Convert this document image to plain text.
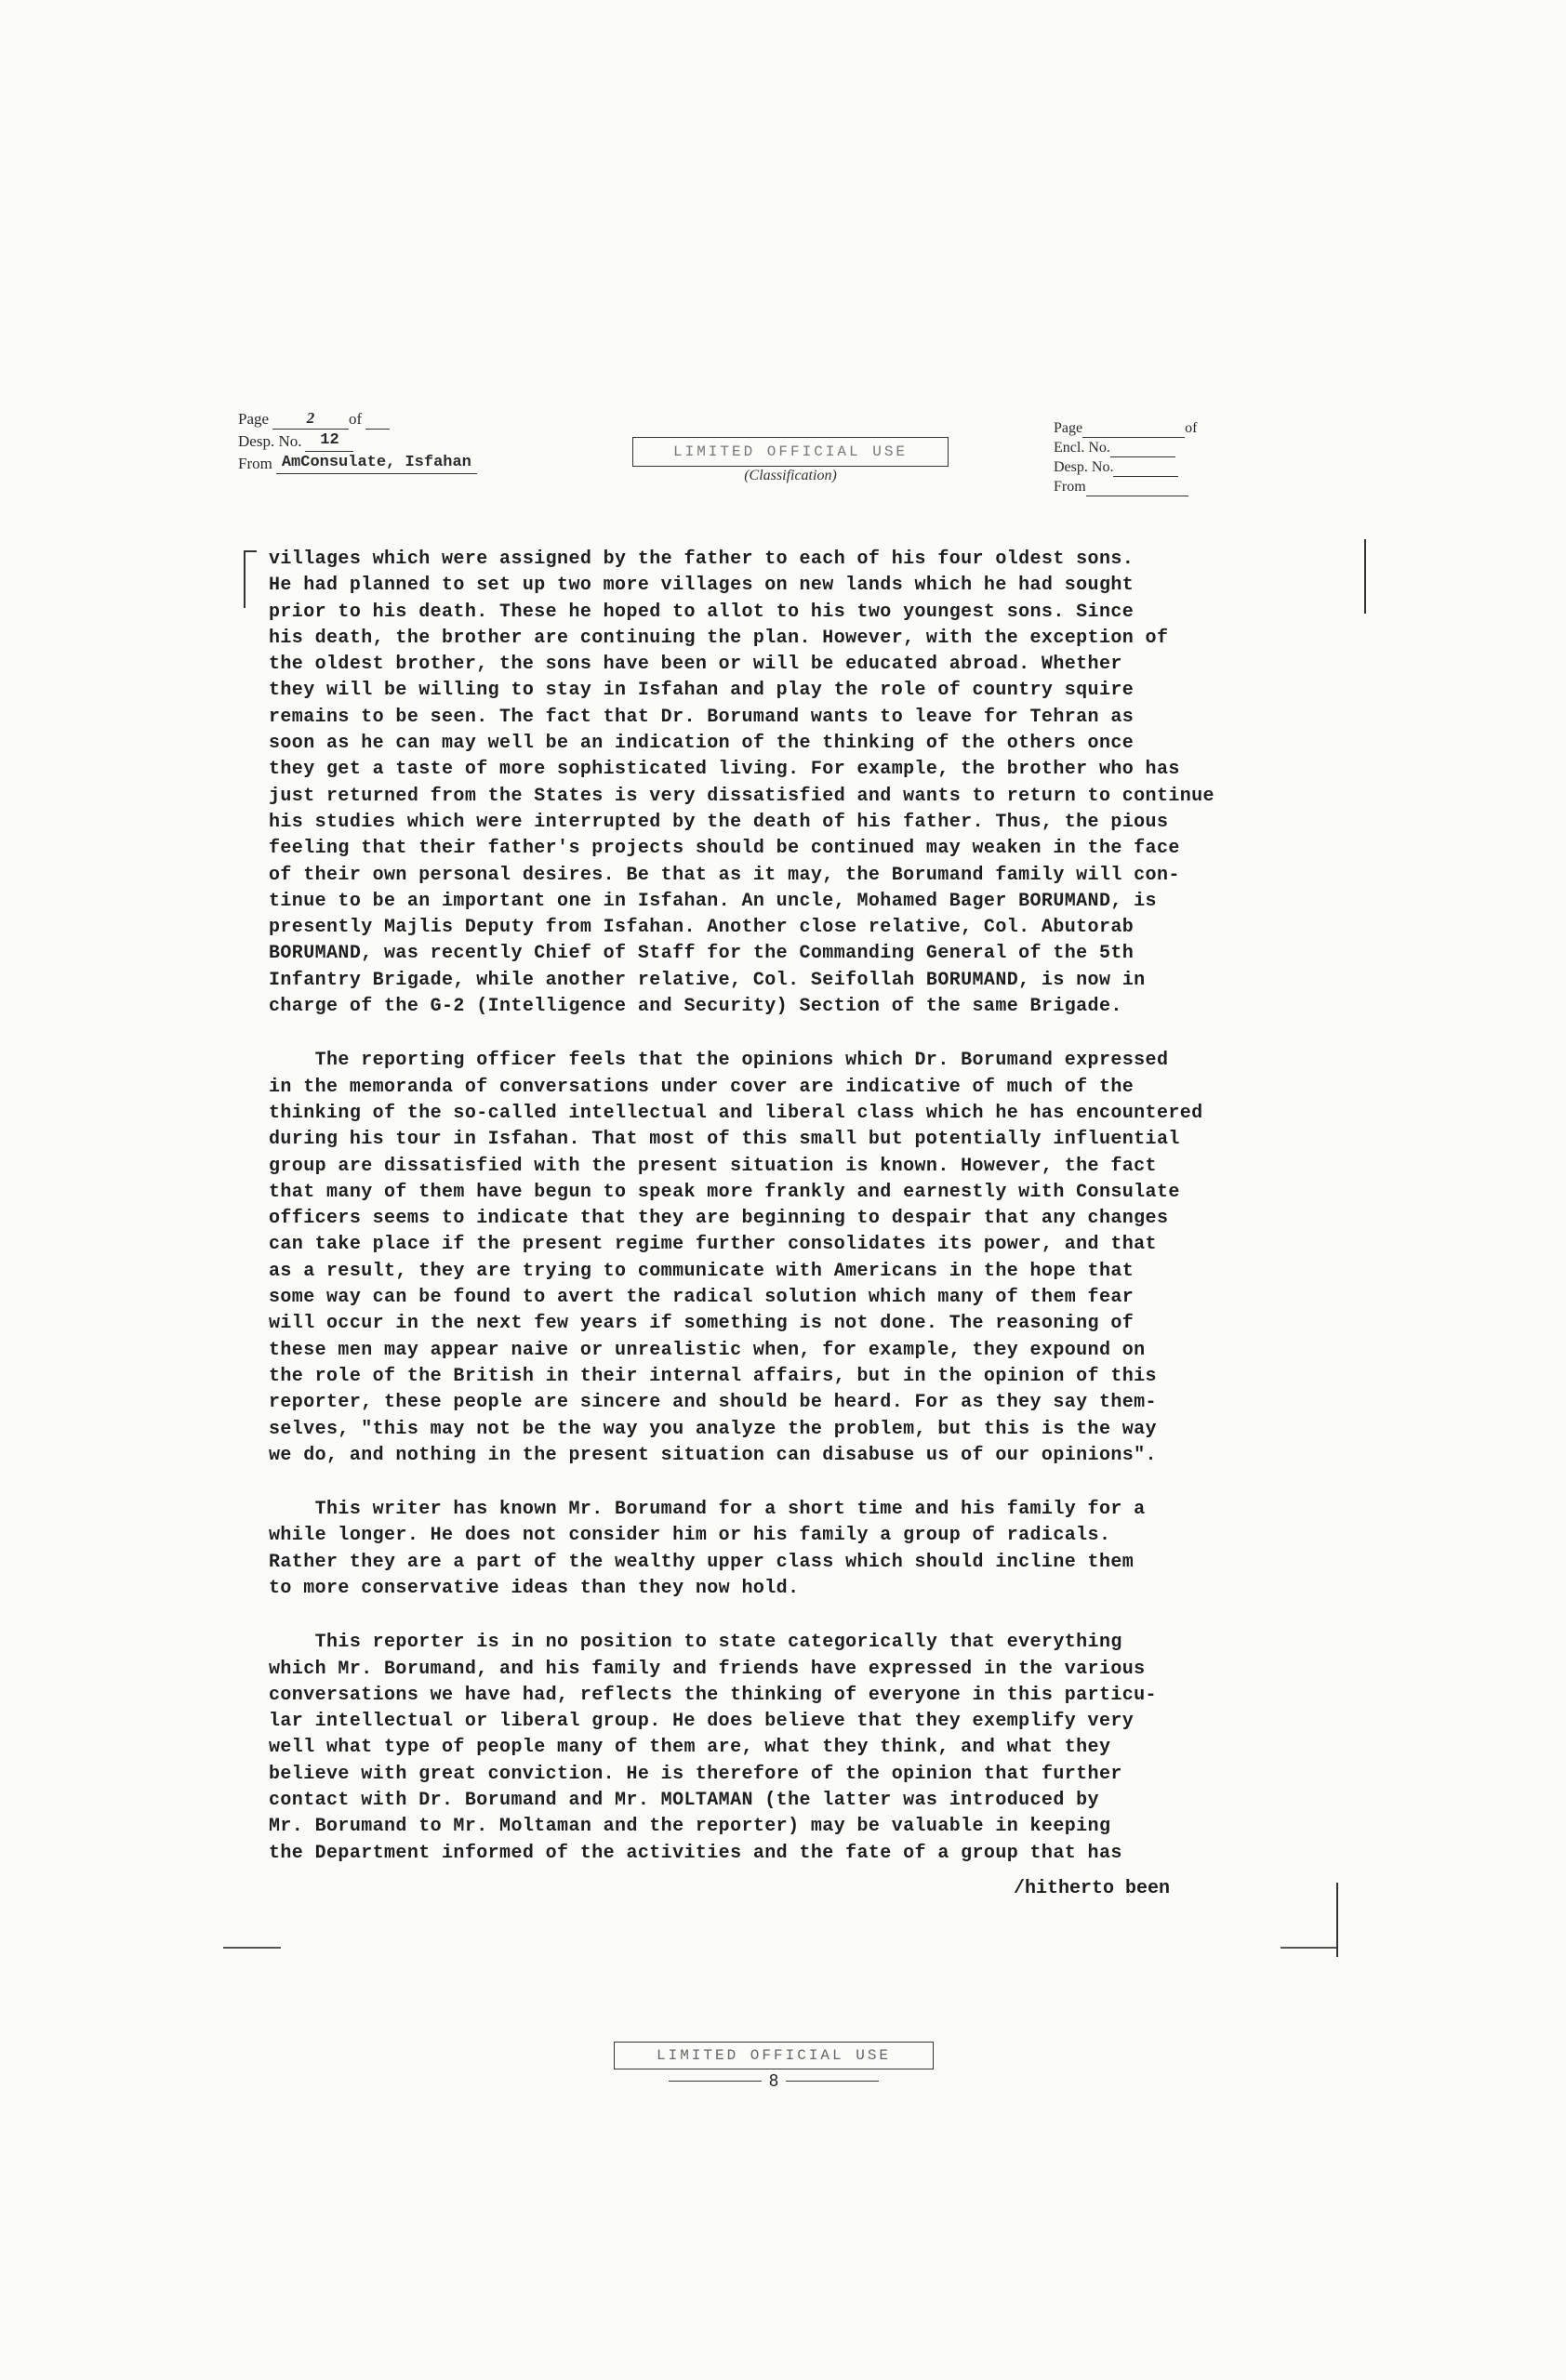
Page	2	of
Desp. No.	12
From AmConsulate, Isfahan
LIMITED OFFICIAL USE
(Classification)
Page	of
Encl. No.
Desp. No.
From

villages which were assigned by the father to each of his four oldest sons.

He had planned to set up two more villages on new lands which he had sought

prior to his death. These he hoped to allot to his two youngest sons. Since

his death, the brother are continuing the plan. However, with the exception of

the oldest brother, the sons have been or will be educated abroad. Whether

they will be willing to stay in Isfahan and play the role of country squire

remains to be seen. The fact that Dr. Borumand wants to leave for Tehran as

soon as he can may well be an indication of the thinking of the others once

they get a taste of more sophisticated living. For example, the brother who has

just returned from the States is very dissatisfied and wants to return to continue

his studies which were interrupted by the death of his father. Thus, the pious

feeling that their father's projects should be continued may weaken in the face

of their own personal desires. Be that as it may, the Borumand family will con-

tinue to be an important one in Isfahan. An uncle, Mohamed Bager BORUMAND, is

presently Majlis Deputy from Isfahan. Another close relative, Col. Abutorab

BORUMAND, was recently Chief of Staff for the Commanding General of the 5th

Infantry Brigade, while another relative, Col. Seifollah BORUMAND, is now in

charge of the G-2 (Intelligence and Security) Section of the same Brigade.

The reporting officer feels that the opinions which Dr. Borumand expressed

in the memoranda of conversations under cover are indicative of much of the

thinking of the so-called intellectual and liberal class which he has encountered

during his tour in Isfahan. That most of this small but potentially influential

group are dissatisfied with the present situation is known. However, the fact

that many of them have begun to speak more frankly and earnestly with Consulate

officers seems to indicate that they are beginning to despair that any changes

can take place if the present regime further consolidates its power, and that

as a result, they are trying to communicate with Americans in the hope that

some way can be found to avert the radical solution which many of them fear

will occur in the next few years if something is not done. The reasoning of

these men may appear naive or unrealistic when, for example, they expound on

the role of the British in their internal affairs, but in the opinion of this

reporter, these people are sincere and should be heard. For as they say them-

selves, "this may not be the way you analyze the problem, but this is the way

we do, and nothing in the present situation can disabuse us of our opinions".

This writer has known Mr. Borumand for a short time and his family for a

while longer. He does not consider him or his family a group of radicals.

Rather they are a part of the wealthy upper class which should incline them

to more conservative ideas than they now hold.

This reporter is in no position to state categorically that everything

which Mr. Borumand, and his family and friends have expressed in the various

conversations we have had, reflects the thinking of everyone in this particu-

lar intellectual or liberal group. He does believe that they exemplify very

well what type of people many of them are, what they think, and what they

believe with great conviction. He is therefore of the opinion that further

contact with Dr. Borumand and Mr. MOLTAMAN (the latter was introduced by

Mr. Borumand to Mr. Moltaman and the reporter) may be valuable in keeping

the Department informed of the activities and the fate of a group that has

/hitherto been
LIMITED OFFICIAL USE
8
